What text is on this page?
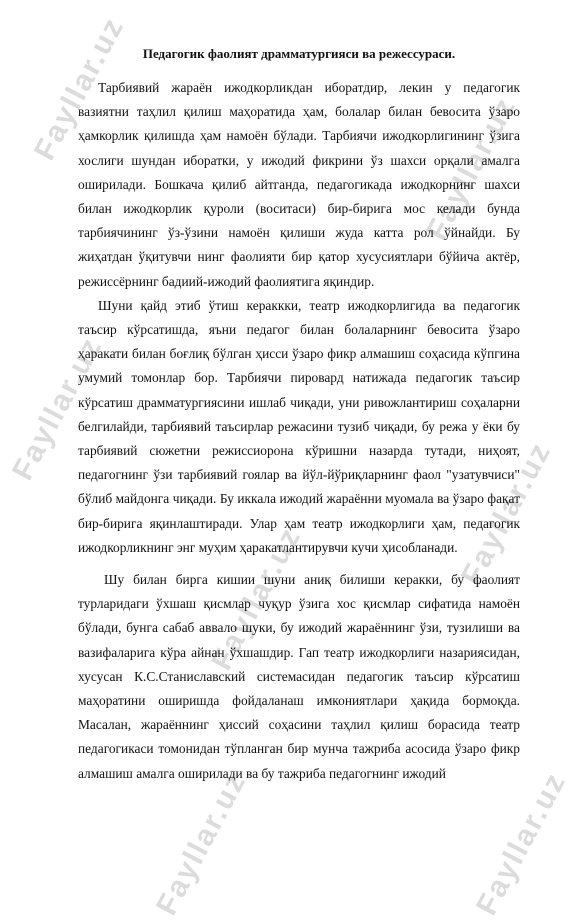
Fayllar.uz
Fayllar.uz
Fayllar.uz
Fayllar.uz
Fayllar.uz
Fayllar.uz	Fayllar.uz
Педагогик фаолият драмматургияси ва режессураси.

Тарбиявий жараён ижодкорликдан иборатдир, лекин у педагогик вазиятни таҳлил қилиш маҳоратида ҳам, болалар билан бевосита ўзаро ҳамкорлик қилишда ҳам намоён бўлади. Тарбиячи ижодкорлигининг ўзига хослиги шундан иборатки, у ижодий фикрини ўз шахси орқали амалга оширилади. Бошкача қилиб айтганда, педагогикада ижодкорнинг шахси билан ижодкорлик қуроли (воситаси) бир-бирига мос келади бунда тарбиячининг ўз-ўзини намоён қилиши жуда катта рол ўйнайди. Бу жиҳатдан ўқитувчи нинг фаолияти бир қатор хусусиятлари бўйича актёр, режиссёрнинг бадиий-ижодий фаолиятига яқиндир.

Шуни қайд этиб ўтиш кераккки, театр ижодкорлигида ва педагогик таъсир кўрсатишда, яъни педагог билан болаларнинг бевосита ўзаро ҳаракати билан боғлиқ бўлган ҳисси ўзаро фикр алмашиш соҳасида кўпгина умумий томонлар бор. Тарбиячи пировард натижада педагогик таъсир кўрсатиш драмматургиясини ишлаб чиқади, уни ривожлантириш соҳаларни белгилайди, тарбиявий таъсирлар режасини тузиб чиқади, бу режа у ёки бу тарбиявий сюжетни режиссиорона кўришни назарда тутади, ниҳоят, педагогнинг ўзи тарбиявий гоялар ва йўл-йўриқларнинг фаол "узатувчиси" бўлиб майдонга чиқади. Бу иккала ижодий жараённи муомала ва ўзаро фақат бир-бирига яқинлаштиради. Улар ҳам театр ижодкорлиги ҳам, педагогик ижодкорликнинг энг муҳим ҳаракатлантирувчи кучи ҳисобланади.

Шу билан бирга кишии шуни аниқ билиши керакки, бу фаолият турларидаги ўхшаш қисмлар чуқур ўзига хос қисмлар сифатида намоён бўлади, бунга сабаб аввало шуки, бу ижодий жараённинг ўзи, тузилиши ва вазифаларига кўра айнан ўхшашдир. Гап театр ижодкорлиги назариясидан, хусусан К.С.Станиславский системасидан педагогик таъсир кўрсатиш маҳоратини оширишда фойдаланаш имкониятлари ҳақида бормоқда. Масалан, жараённинг ҳиссий соҳасини таҳлил қилиш борасида театр педагогикаси томонидан тўпланган бир мунча тажриба асосида ўзаро фикр алмашиш амалга оширилади ва бу тажриба педагогнинг ижодий
